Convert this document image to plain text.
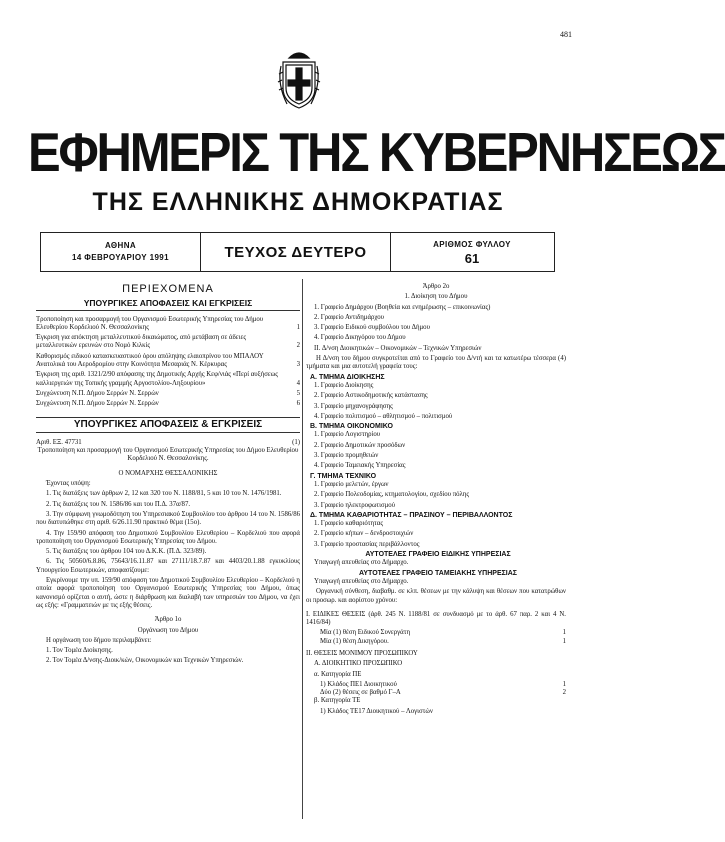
481
ΕΦΗΜΕΡΙΣ ΤΗΣ ΚΥΒΕΡΝΗΣΕΩΣ
ΤΗΣ ΕΛΛΗΝΙΚΗΣ ΔΗΜΟΚΡΑΤΙΑΣ
ΑΘΗΝΑ
14 ΦΕΒΡΟΥΑΡΙΟΥ 1991	ΤΕΥΧΟΣ ΔΕΥΤΕΡΟ	ΑΡΙΘΜΟΣ ΦΥΛΛΟΥ
61
ΠΕΡΙΕΧΟΜΕΝΑ
ΥΠΟΥΡΓΙΚΕΣ ΑΠΟΦΑΣΕΙΣ ΚΑΙ ΕΓΚΡΙΣΕΙΣ
Τροποποίηση και προσαρμογή του Οργανισμού Εσωτερικής Υπηρεσίας του Δήμου Ελευθερίου Κορδελιού Ν. Θεσσαλονίκης	1
Έγκριση για απόκτηση μεταλλευτικού δικαιώματος, από μετάβαση σε άδειες μεταλλευτικών ερευνών στο Νομό Κιλκίς	2
Καθορισμός ειδικού κατασκευαστικού όρου απόληψης ελαιοπρίνου του ΜΠΑΛΟΥ Ανατολικά του Αεροδρομίου στην Κοινότητα Μεσαριάς Ν. Κέρκυρας	3
Έγκριση της αριθ. 1321/2/90 απόφασης της Δημοτικής Αρχής Κεφ/νιάς «Περί αυξήσεως καλλιεργειών της Τοπικής γραμμής Αργοστολίου-Ληξουρίου»	4
Συγχώνευση Ν.Π. Δήμου Σερρών Ν. Σερρών	5
Συγχώνευση Ν.Π. Δήμου Σερρών Ν. Σερρών	6
ΥΠΟΥΡΓΙΚΕΣ ΑΠΟΦΑΣΕΙΣ & ΕΓΚΡΙΣΕΙΣ
Αριθ. ΕΞ. 47731	(1)
Τροποποίηση και προσαρμογή του Οργανισμού Εσωτερικής Υπηρεσίας του Δήμου Ελευθερίου Κορδελιού Ν. Θεσσαλονίκης.
Ο ΝΟΜΑΡΧΗΣ ΘΕΣΣΑΛΟΝΙΚΗΣ
Έχοντας υπόψη:
1. Τις διατάξεις των άρθρων 2, 12 και 320 του Ν. 1188/81, 5 και 10 του Ν. 1476/1981.
2. Τις διατάξεις του Ν. 1586/86 και του Π.Δ. 37α/87.
3. Την σύμφωνη γνωμοδότηση του Υπηρεσιακού Συμβουλίου του άρθρου 14 του Ν. 1586/86 που διατυπώθηκε στη αριθ. 6/26.11.90 πρακτικό θέμα (15ο).
4. Την 159/90 απόφαση του Δημοτικού Συμβουλίου Ελευθερίου – Κορδελιού που αφορά τροποποίηση του Οργανισμού Εσωτερικής Υπηρεσίας του Δήμου.
5. Τις διατάξεις του άρθρου 104 του Δ.Κ.Κ. (Π.Δ. 323/89).
6. Τις 50560/6.8.86, 75643/16.11.87 και 27111/18.7.87 και 4403/20.1.88 εγκυκλίους Υπουργείου Εσωτερικών, αποφασίζουμε:
Εγκρίνουμε την υπ. 159/90 απόφαση του Δημοτικού Συμβουλίου Ελευθερίου – Κορδελιού η οποία αφορά τροποποίηση του Οργανισμού Εσωτερικής Υπηρεσίας του Δήμου, όπως κανονισμό ορίζεται ο αυτή, ώστε η διάρθρωση και διαλαβή των υπηρεσιών του Δήμου, να έχει ως εξής: «Γραμματειών με τις εξής θέσεις.
Άρθρο 1ο
Οργάνωση του Δήμου
Η οργάνωση του δήμου περιλαμβάνει:
1. Τον Τομέα Διοίκησης.
2. Τον Τομέα Δ/νσης-Διοικ/κών, Οικονομικών και Τεχνικών Υπηρεσιών.
Άρθρο 2ο
1. Διοίκηση του Δήμου
1. Γραφείο Δημάρχου (Βοηθεία και ενημέρωσης – επικοινωνίας)
2. Γραφείο Αντιδημάρχου
3. Γραφείο Ειδικού συμβούλου του Δήμου
4. Γραφείο Δικηγόρου του Δήμου
II. Δ/νση Διοικητικών – Οικονομικών – Τεχνικών Υπηρεσιών
Η Δ/νση του δήμου συγκροτείται από το Γραφείο του Δ/ντή και τα κατωτέρω τέσσερα (4) τμήματα και μια αυτοτελή γραφεία τους:
Α. ΤΜΗΜΑ ΔΙΟΙΚΗΣΗΣ
1. Γραφείο Διοίκησης
2. Γραφείο Αστικοδημοτικής κατάστασης
3. Γραφείο μηχανογράφησης
4. Γραφείο πολιτισμού – αθλητισμού – πολιτισμού
Β. ΤΜΗΜΑ ΟΙΚΟΝΟΜΙΚΟ
1. Γραφείο Λογιστηρίου
2. Γραφείο Δημοτικών προσόδων
3. Γραφείο προμηθειών
4. Γραφείο Ταμειακής Υπηρεσίας
Γ. ΤΜΗΜΑ ΤΕΧΝΙΚΟ
1. Γραφείο μελετών, έργων
2. Γραφείο Πολεοδομίας, κτηματολογίου, σχεδίου πόλης
3. Γραφείο ηλεκτροφωτισμού
Δ. ΤΜΗΜΑ ΚΑΘΑΡΙΟΤΗΤΑΣ – ΠΡΑΣΙΝΟΥ – ΠΕΡΙΒΑΛΛΟΝΤΟΣ
1. Γραφείο καθαριότητας
2. Γραφείο κήπων – δενδροστοιχιών
3. Γραφείο προστασίας περιβάλλοντος
ΑΥΤΟΤΕΛΕΣ ΓΡΑΦΕΙΟ ΕΙΔΙΚΗΣ ΥΠΗΡΕΣΙΑΣ
Υπαγωγή απευθείας στο Δήμαρχο.
ΑΥΤΟΤΕΛΕΣ ΓΡΑΦΕΙΟ ΤΑΜΕΙΑΚΗΣ ΥΠΗΡΕΣΙΑΣ
Υπαγωγή απευθείας στο Δήμαρχο.
Οργανική σύνθεση, διαβαθμ. σε κλπ. θέσεων με την κάλυψη και θέσεων που κατατρώθων οι προσωρ. και αορίστου χρόνου:
I. ΕΙΔΙΚΕΣ ΘΕΣΕΙΣ (άρθ. 245 Ν. 1188/81 σε συνδυασμό με το άρθ. 67 παρ. 2 και 4 Ν. 1416/84)
Μία (1) θέση Ειδικού Συνεργάτη	1
Μία (1) θέση Δικηγόρου.	1
II. ΘΕΣΕΙΣ ΜΟΝΙΜΟΥ ΠΡΟΣΩΠΙΚΟΥ
Α. ΔΙΟΙΚΗΤΙΚΟ ΠΡΟΣΩΠΙΚΟ
α. Κατηγορία ΠΕ
1) Κλάδος ΠΕ1 Διοικητικού	1
Δύο (2) θέσεις σε βαθμό Γ–Α	2
β. Κατηγορία ΤΕ
1) Κλάδος ΤΕ17 Διοικητικού – Λογιστών
